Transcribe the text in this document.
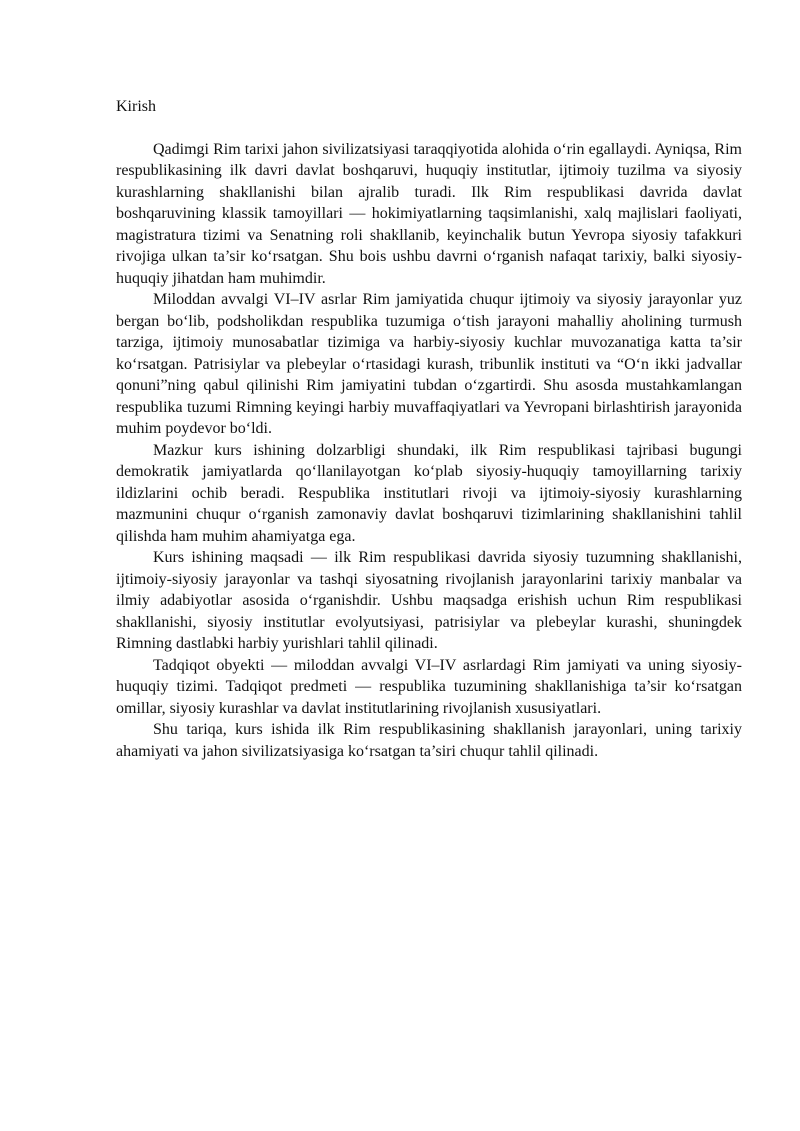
Kirish

Qadimgi Rim tarixi jahon sivilizatsiyasi taraqqiyotida alohida o‘rin egallaydi. Ayniqsa, Rim respublikasining ilk davri davlat boshqaruvi, huquqiy institutlar, ijtimoiy tuzilma va siyosiy kurashlarning shakllanishi bilan ajralib turadi. Ilk Rim respublikasi davrida davlat boshqaruvining klassik tamoyillari — hokimiyatlarning taqsimlanishi, xalq majlislari faoliyati, magistratura tizimi va Senatning roli shakllanib, keyinchalik butun Yevropa siyosiy tafakkuri rivojiga ulkan ta’sir ko‘rsatgan. Shu bois ushbu davrni o‘rganish nafaqat tarixiy, balki siyosiy-huquqiy jihatdan ham muhimdir.

Miloddan avvalgi VI–IV asrlar Rim jamiyatida chuqur ijtimoiy va siyosiy jarayonlar yuz bergan bo‘lib, podsholikdan respublika tuzumiga o‘tish jarayoni mahalliy aholining turmush tarziga, ijtimoiy munosabatlar tizimiga va harbiy-siyosiy kuchlar muvozanatiga katta ta’sir ko‘rsatgan. Patrisiylar va plebeylar o‘rtasidagi kurash, tribunlik instituti va “O‘n ikki jadvallar qonuni”ning qabul qilinishi Rim jamiyatini tubdan o‘zgartirdi. Shu asosda mustahkamlangan respublika tuzumi Rimning keyingi harbiy muvaffaqiyatlari va Yevropani birlashtirish jarayonida muhim poydevor bo‘ldi.

Mazkur kurs ishining dolzarbligi shundaki, ilk Rim respublikasi tajribasi bugungi demokratik jamiyatlarda qo‘llanilayotgan ko‘plab siyosiy-huquqiy tamoyillarning tarixiy ildizlarini ochib beradi. Respublika institutlari rivoji va ijtimoiy-siyosiy kurashlarning mazmunini chuqur o‘rganish zamonaviy davlat boshqaruvi tizimlarining shakllanishini tahlil qilishda ham muhim ahamiyatga ega.

Kurs ishining maqsadi — ilk Rim respublikasi davrida siyosiy tuzumning shakllanishi, ijtimoiy-siyosiy jarayonlar va tashqi siyosatning rivojlanish jarayonlarini tarixiy manbalar va ilmiy adabiyotlar asosida o‘rganishdir. Ushbu maqsadga erishish uchun Rim respublikasi shakllanishi, siyosiy institutlar evolyutsiyasi, patrisiylar va plebeylar kurashi, shuningdek Rimning dastlabki harbiy yurishlari tahlil qilinadi.

Tadqiqot obyekti — miloddan avvalgi VI–IV asrlardagi Rim jamiyati va uning siyosiy-huquqiy tizimi. Tadqiqot predmeti — respublika tuzumining shakllanishiga ta’sir ko‘rsatgan omillar, siyosiy kurashlar va davlat institutlarining rivojlanish xususiyatlari.

Shu tariqa, kurs ishida ilk Rim respublikasining shakllanish jarayonlari, uning tarixiy ahamiyati va jahon sivilizatsiyasiga ko‘rsatgan ta’siri chuqur tahlil qilinadi.
